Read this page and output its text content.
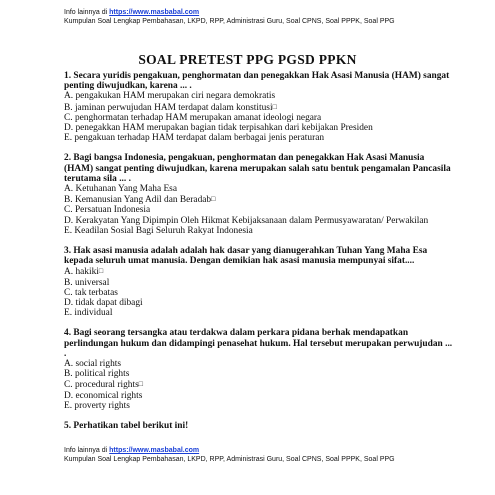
Info lainnya di https://www.masbabal.com
Kumpulan Soal Lengkap Pembahasan, LKPD, RPP, Administrasi Guru, Soal CPNS, Soal PPPK, Soal PPG
SOAL PRETEST PPG PGSD PPKN
1. Secara yuridis pengakuan, penghormatan dan penegakkan Hak Asasi Manusia (HAM) sangat penting diwujudkan, karena ... .
A. pengakukan HAM merupakan ciri negara demokratis
B. jaminan perwujudan HAM terdapat dalam konstitusi□
C. penghormatan terhadap HAM merupakan amanat ideologi negara
D. penegakkan HAM merupakan bagian tidak terpisahkan dari kebijakan Presiden
E. pengakuan terhadap HAM terdapat dalam berbagai jenis peraturan
2. Bagi bangsa Indonesia, pengakuan, penghormatan dan penegakkan Hak Asasi Manusia (HAM) sangat penting diwujudkan, karena merupakan salah satu bentuk pengamalan Pancasila terutama sila ... .
A. Ketuhanan Yang Maha Esa
B. Kemanusian Yang Adil dan Beradab□
C. Persatuan Indonesia
D. Kerakyatan Yang Dipimpin Oleh Hikmat Kebijaksanaan dalam Permusyawaratan/ Perwakilan
E. Keadilan Sosial Bagi Seluruh Rakyat Indonesia
3. Hak asasi manusia adalah adalah hak dasar yang dianugerahkan Tuhan Yang Maha Esa kepada seluruh umat manusia. Dengan demikian hak asasi manusia mempunyai sifat....
A. hakiki□
B. universal
C. tak terbatas
D. tidak dapat dibagi
E. individual
4. Bagi seorang tersangka atau terdakwa dalam perkara pidana berhak mendapatkan perlindungan hukum dan didampingi penasehat hukum. Hal tersebut merupakan perwujudan ... .
A. social rights
B. political rights
C. procedural rights□
D. economical rights
E. proverty rights
5. Perhatikan tabel berikut ini!
Info lainnya di https://www.masbabal.com
Kumpulan Soal Lengkap Pembahasan, LKPD, RPP, Administrasi Guru, Soal CPNS, Soal PPPK, Soal PPG
